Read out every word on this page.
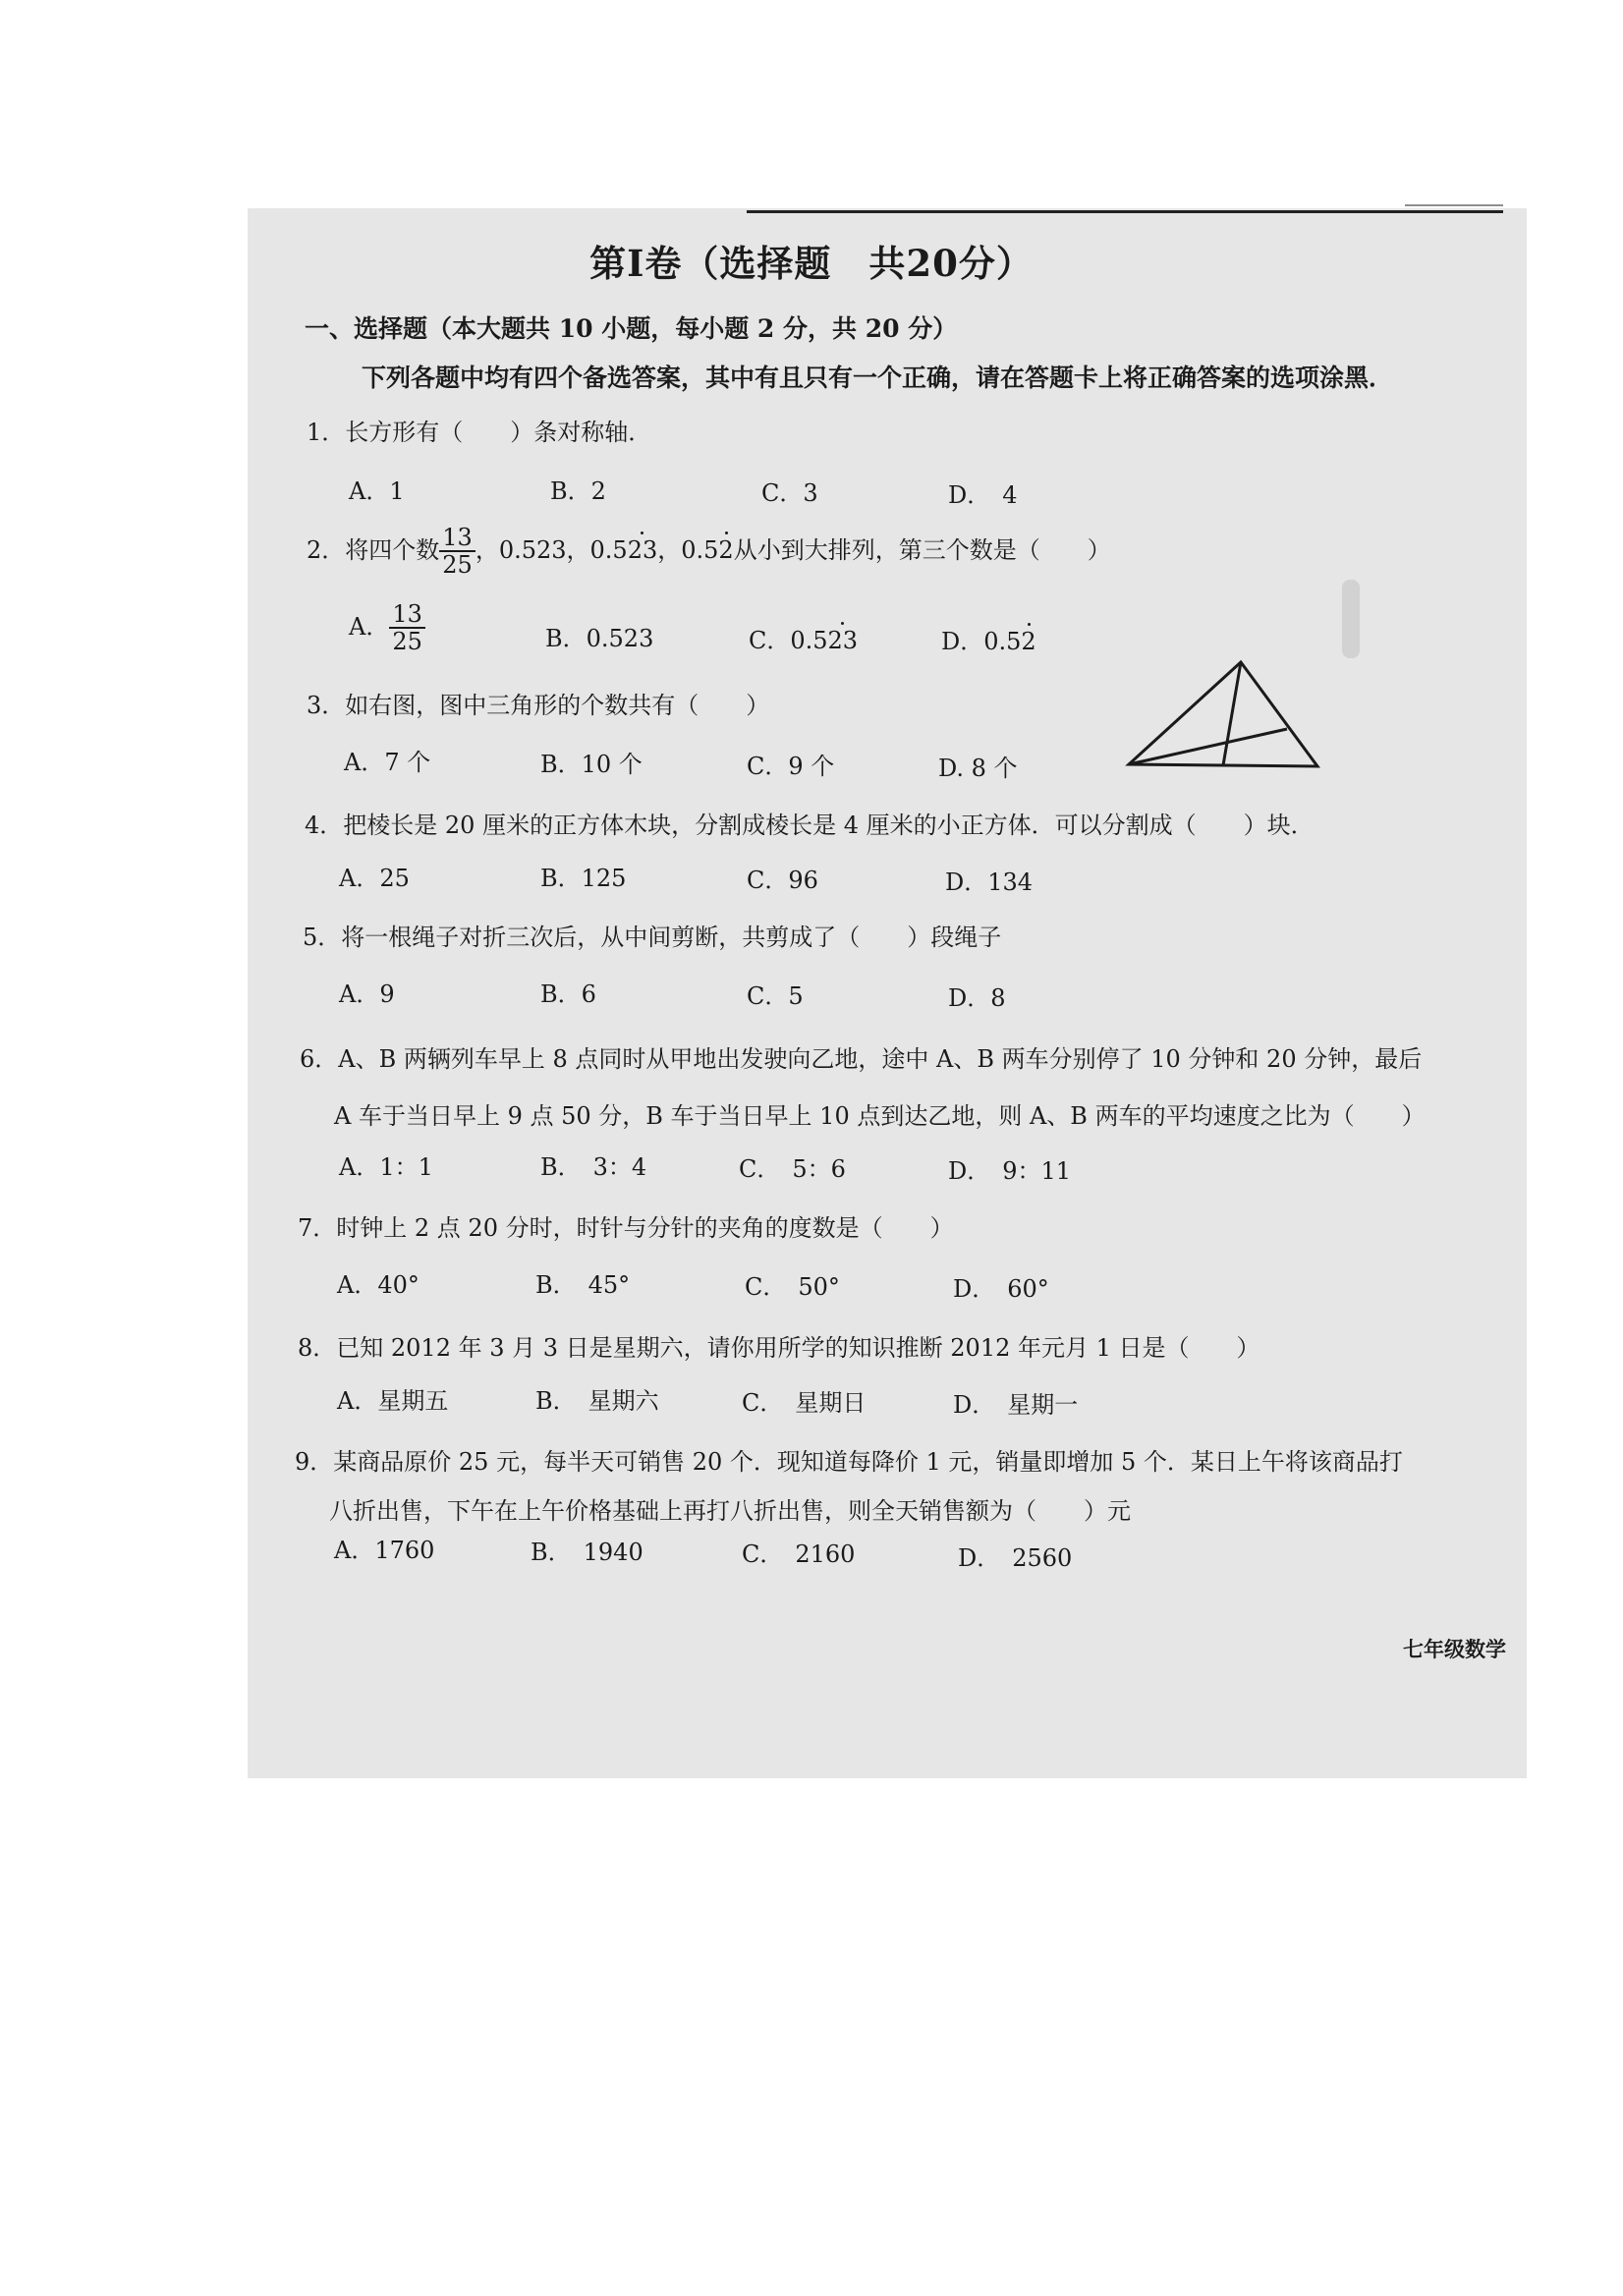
第Ⅰ卷（选择题　共20分）
一、选择题（本大题共 10 小题，每小题 2 分，共 20 分）
下列各题中均有四个备选答案，其中有且只有一个正确，请在答题卡上将正确答案的选项涂黑．
1．长方形有（　　）条对称轴．
A．1	B．2	C．3	D．　4
2．将四个数 $\frac{13}{25}$ ，0.523，0.523，0.52从小到大排列，第三个数是（　　）
A． $\frac{13}{25}$	B．0.523	C．0.523	D．0.52
3．如右图，图中三角形的个数共有（　　）
A．7 个	B．10 个	C．9 个	D. 8 个
4．把棱长是 20 厘米的正方体木块，分割成棱长是 4 厘米的小正方体．可以分割成（　　）块．
A．25	B．125	C．96	D．134
5．将一根绳子对折三次后，从中间剪断，共剪成了（　　）段绳子
A．9	B．6	C．5	D．8
6．A、B 两辆列车早上 8 点同时从甲地出发驶向乙地，途中 A、B 两车分别停了 10 分钟和 20 分钟，最后
A 车于当日早上 9 点 50 分，B 车于当日早上 10 点到达乙地，则 A、B 两车的平均速度之比为（　　）
A．1：1	B．　3：4	C．　5：6	D．　9：11
7．时钟上 2 点 20 分时，时针与分针的夹角的度数是（　　）
A．40°	B．　45°	C．　50°	D．　60°
8．已知 2012 年 3 月 3 日是星期六，请你用所学的知识推断 2012 年元月 1 日是（　　）
A．星期五	B．　星期六	C．　星期日	D．　星期一
9．某商品原价 25 元，每半天可销售 20 个．现知道每降价 1 元，销量即增加 5 个．某日上午将该商品打
八折出售，下午在上午价格基础上再打八折出售，则全天销售额为（　　）元
A．1760	B．　1940	C．　2160	D．　2560
七年级数学
